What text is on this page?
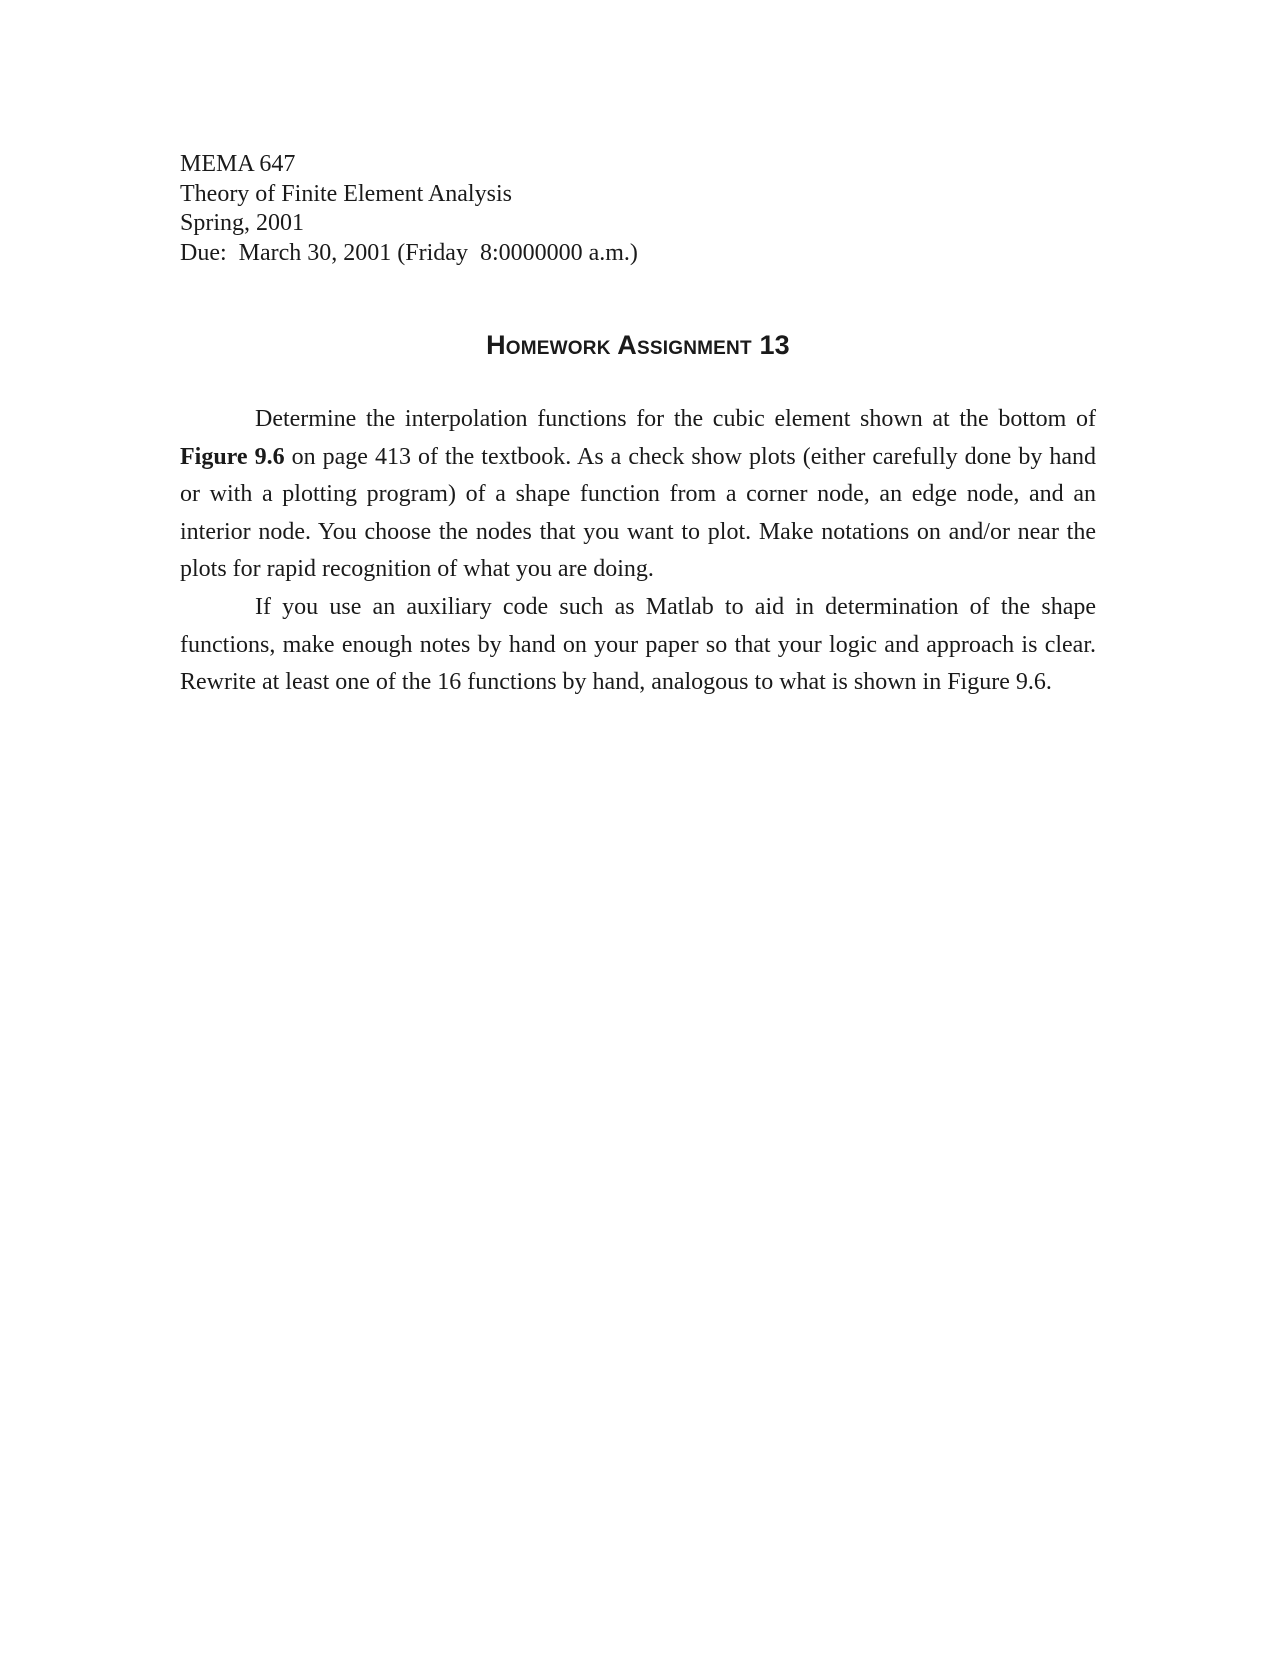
MEMA 647
Theory of Finite Element Analysis
Spring, 2001
Due:  March 30, 2001 (Friday  8:0000000 a.m.)
Homework Assignment 13

Determine the interpolation functions for the cubic element shown at the bottom of Figure 9.6 on page 413 of the textbook. As a check show plots (either carefully done by hand or with a plotting program) of a shape function from a corner node, an edge node, and an interior node. You choose the nodes that you want to plot. Make notations on and/or near the plots for rapid recognition of what you are doing.

If you use an auxiliary code such as Matlab to aid in determination of the shape functions, make enough notes by hand on your paper so that your logic and approach is clear. Rewrite at least one of the 16 functions by hand, analogous to what is shown in Figure 9.6.
